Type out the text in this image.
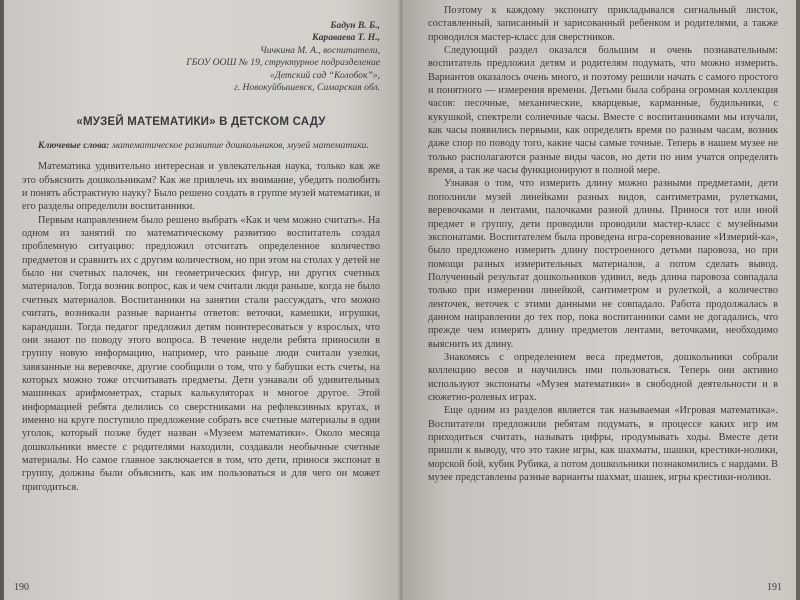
Бадун В. Б.,
Караваева Т. Н.,
Чичкина М. А., воспитатели,
ГБОУ ООШ № 19, структурное подразделение
«Детский сад “Колобок”»,
г. Новокуйбышевск, Самарская обл.
«МУЗЕЙ МАТЕМАТИКИ» В ДЕТСКОМ САДУ
Ключевые слова: математическое развитие дошкольников, музей математики.

Математика удивительно интересная и увлекательная наука, только как же это объяснить дошкольникам? Как же привлечь их внимание, убедить полюбить и понять абстрактную науку? Было решено создать в группе музей математики, и его разделы определили воспитанники.

Первым направлением было решено выбрать «Как и чем можно считать». На одном из занятий по математическому развитию воспитатель создал проблемную ситуацию: предложил отсчитать определенное количество предметов и сравнить их с другим количеством, но при этом на столах у детей не было ни счетных палочек, ни геометрических фигур, ни других счетных материалов. Тогда возник вопрос, как и чем считали люди раньше, когда не было счетных материалов. Воспитанники на занятии стали рассуждать, что можно считать, возникали разные варианты ответов: веточки, камешки, игрушки, карандаши. Тогда педагог предложил детям поинтересоваться у взрослых, что они знают по поводу этого вопроса. В течение недели ребята приносили в группу новую информацию, например, что раньше люди считали узелки, завязанные на веревочке, другие сообщили о том, что у бабушки есть счеты, на которых можно тоже отсчитывать предметы. Дети узнавали об удивительных машинках арифмометрах, старых калькуляторах и многое другое. Этой информацией ребята делились со сверстниками на рефлексивных кругах, и именно на круге поступило предложение собрать все счетные материалы в одни уголок, который позже будет назван «Музеем математики». Около месяца дошкольники вместе с родителями находили, создавали необычные счетные материалы. Но самое главное заключается в том, что дети, принося экспонат в группу, должны были объяснить, как им пользоваться и для чего он может пригодиться.

190

Поэтому к каждому экспонату прикладывался сигнальный листок, составленный, записанный и зарисованный ребенком и родителями, а также проводился мастер-класс для сверстников.

Следующий раздел оказался большим и очень познавательным: воспитатель предложил детям и родителям подумать, что можно измерить. Вариантов оказалось очень много, и поэтому решили начать с самого простого и понятного — измерения времени. Детьми была собрана огромная коллекция часов: песочные, механические, кварцевые, карманные, будильники, с кукушкой, спектрели солнечные часы. Вместе с воспитанниками мы изучали, как часы появились первыми, как определять время по разным часам, возник даже спор по поводу того, какие часы самые точные. Теперь в нашем музее не только располагаются разные виды часов, но дети по ним учатся определять время, а так же часы функционируют в полной мере.

Узнавая о том, что измерить длину можно разными предметами, дети пополнили музей линейками разных видов, сантиметрами, рулетками, веревочками и лентами, палочками разной длины. Принося тот или иной предмет в группу, дети проводили проводили мастер-класс с музейными экспонатами. Воспитателем была проведена игра-соревнование «Измерий-ка», было предложено измерить длину построенного детьми паровоза, но при помощи разных измерительных материалов, а потом сделать вывод. Полученный результат дошкольников удивил, ведь длина паровоза совпадала только при измерении линейкой, сантиметром и рулеткой, а количество ленточек, веточек с этими данными не совпадало. Работа продолжалась в данном направлении до тех пор, пока воспитанники сами не догадались, что прежде чем измерять длину предметов лентами, веточками, необходимо выяснить их длину.

Знакомясь с определением веса предметов, дошкольники собрали коллекцию весов и научились ими пользоваться. Теперь они активно используют экспонаты «Музея математики» в свободной деятельности и в сюжетно-ролевых играх.

Еще одним из разделов является так называемая «Игровая математика». Воспитатели предложили ребятам подумать, в процессе каких игр им приходиться считать, называть цифры, продумывать ходы. Вместе дети пришли к выводу, что это такие игры, как шахматы, шашки, крестики-нолики, морской бой, кубик Рубика, а потом дошкольники познакомились с нардами. В музее представлены разные варианты шахмат, шашек, игры крестики-нолики.

191
